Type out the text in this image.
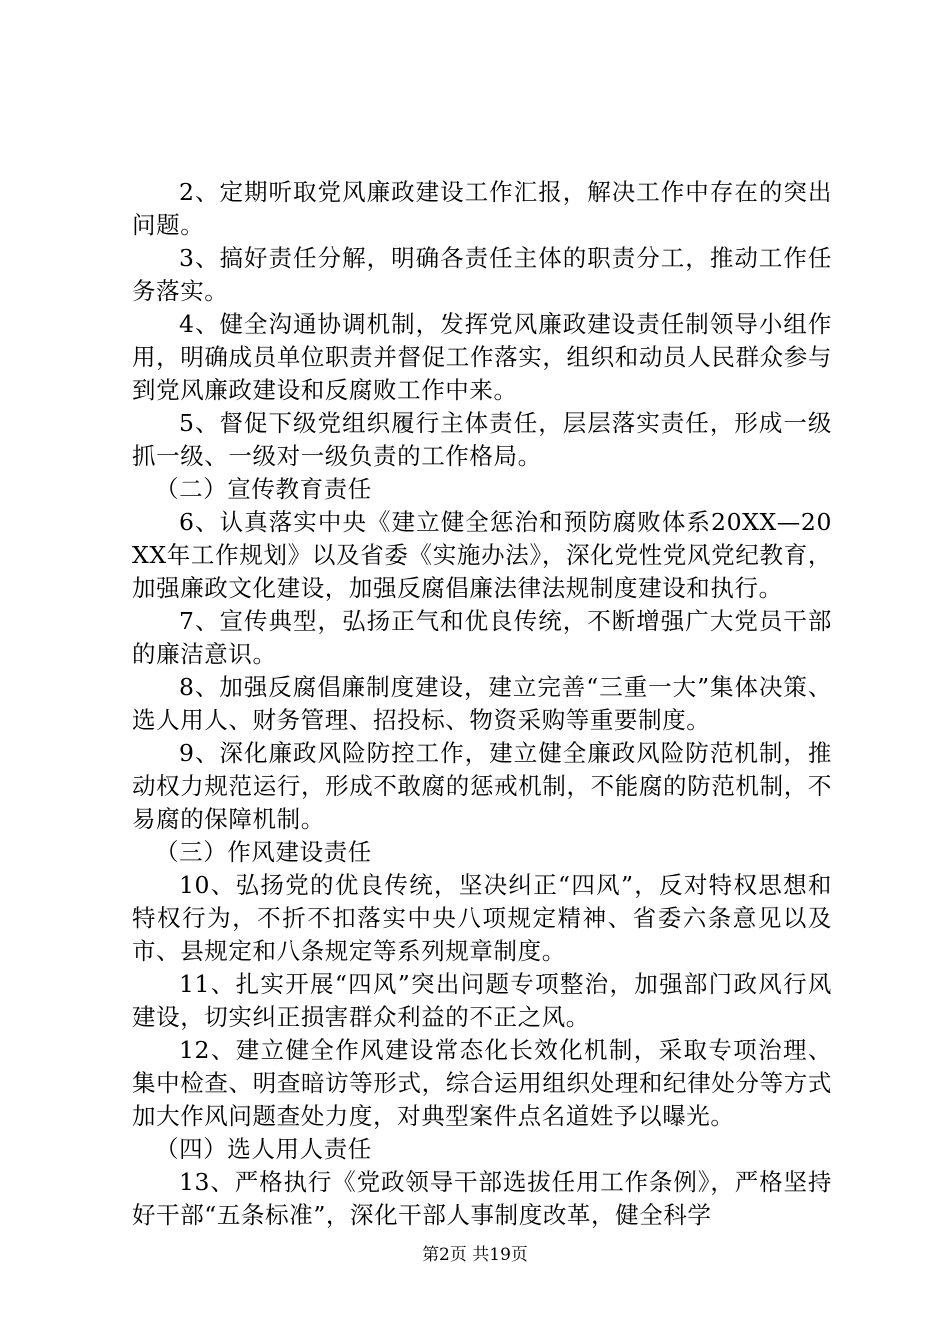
2、定期听取党风廉政建设工作汇报，解决工作中存在的突出问题。

3、搞好责任分解，明确各责任主体的职责分工，推动工作任务落实。

4、健全沟通协调机制，发挥党风廉政建设责任制领导小组作用，明确成员单位职责并督促工作落实，组织和动员人民群众参与到党风廉政建设和反腐败工作中来。

5、督促下级党组织履行主体责任，层层落实责任，形成一级抓一级、一级对一级负责的工作格局。

（二）宣传教育责任

6、认真落实中央《建立健全惩治和预防腐败体系20XX—20XX年工作规划》以及省委《实施办法》，深化党性党风党纪教育，加强廉政文化建设，加强反腐倡廉法律法规制度建设和执行。

7、宣传典型，弘扬正气和优良传统，不断增强广大党员干部的廉洁意识。

8、加强反腐倡廉制度建设，建立完善“三重一大”集体决策、选人用人、财务管理、招投标、物资采购等重要制度。

9、深化廉政风险防控工作，建立健全廉政风险防范机制，推动权力规范运行，形成不敢腐的惩戒机制，不能腐的防范机制，不易腐的保障机制。

（三）作风建设责任

10、弘扬党的优良传统，坚决纠正“四风”，反对特权思想和特权行为，不折不扣落实中央八项规定精神、省委六条意见以及市、县规定和八条规定等系列规章制度。

11、扎实开展“四风”突出问题专项整治，加强部门政风行风建设，切实纠正损害群众利益的不正之风。

12、建立健全作风建设常态化长效化机制，采取专项治理、集中检查、明查暗访等形式，综合运用组织处理和纪律处分等方式加大作风问题查处力度，对典型案件点名道姓予以曝光。

（四）选人用人责任

13、严格执行《党政领导干部选拔任用工作条例》，严格坚持好干部“五条标准”，深化干部人事制度改革，健全科学

第2页 共19页
